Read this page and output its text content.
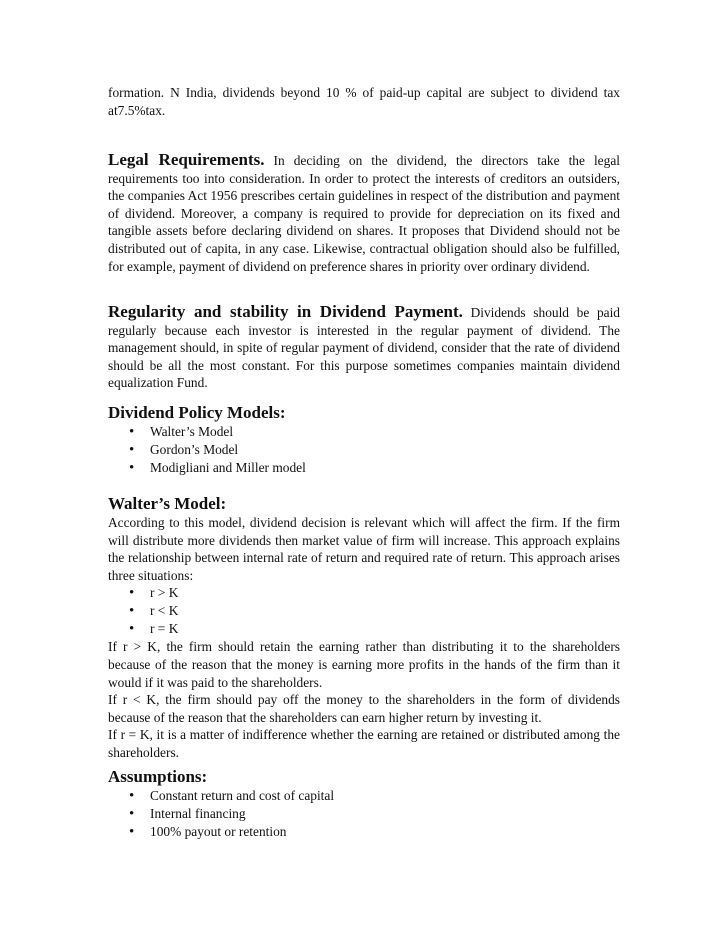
formation. N India, dividends beyond 10 % of paid-up capital are subject to dividend tax at7.5%tax.

Legal Requirements. In deciding on the dividend, the directors take the legal requirements too into consideration. In order to protect the interests of creditors an outsiders, the companies Act 1956 prescribes certain guidelines in respect of the distribution and payment of dividend. Moreover, a company is required to provide for depreciation on its fixed and tangible assets before declaring dividend on shares. It proposes that Dividend should not be distributed out of capita, in any case. Likewise, contractual obligation should also be fulfilled, for example, payment of dividend on preference shares in priority over ordinary dividend.

Regularity and stability in Dividend Payment. Dividends should be paid regularly because each investor is interested in the regular payment of dividend. The management should, in spite of regular payment of dividend, consider that the rate of dividend should be all the most constant. For this purpose sometimes companies maintain dividend equalization Fund.

Dividend Policy Models:
• Walter’s Model
• Gordon’s Model
• Modigliani and Miller model
Walter’s Model:

According to this model, dividend decision is relevant which will affect the firm. If the firm will distribute more dividends then market value of firm will increase. This approach explains the relationship between internal rate of return and required rate of return. This approach arises three situations:

• r > K
• r < K
• r = K

If r > K, the firm should retain the earning rather than distributing it to the shareholders because of the reason that the money is earning more profits in the hands of the firm than it would if it was paid to the shareholders.

If r < K, the firm should pay off the money to the shareholders in the form of dividends because of the reason that the shareholders can earn higher return by investing it.

If r = K, it is a matter of indifference whether the earning are retained or distributed among the shareholders.

Assumptions:
• Constant return and cost of capital
• Internal financing
• 100% payout or retention
